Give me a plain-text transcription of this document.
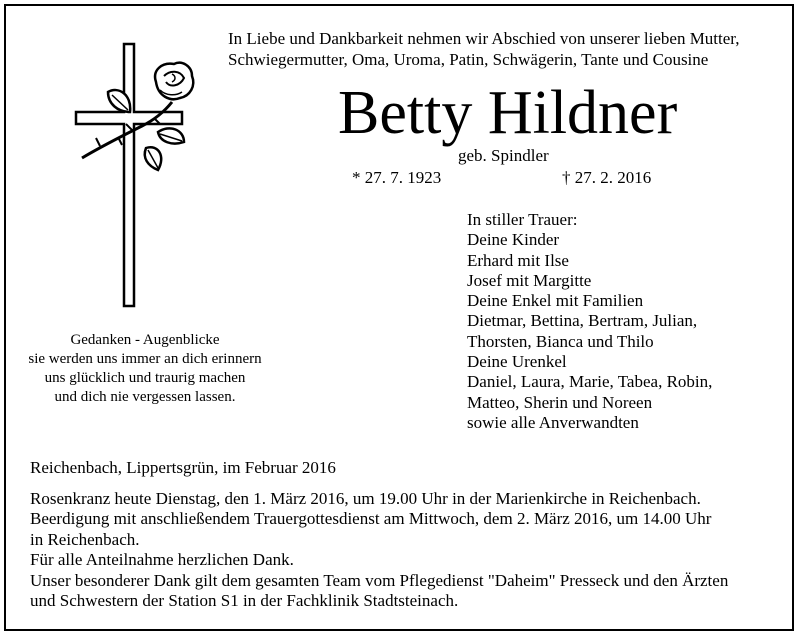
In Liebe und Dankbarkeit nehmen wir Abschied von unserer lieben Mutter,
Schwiegermutter, Oma, Uroma, Patin, Schwägerin, Tante und Cousine
Betty Hildner
geb. Spindler
* 27. 7. 1923	† 27. 2. 2016
In stiller Trauer:
Deine Kinder
Erhard mit Ilse
Josef mit Margitte
Deine Enkel mit Familien
Dietmar, Bettina, Bertram, Julian,
Thorsten, Bianca und Thilo
Deine Urenkel
Daniel, Laura, Marie, Tabea, Robin,
Matteo, Sherin und Noreen
sowie alle Anverwandten
Gedanken - Augenblicke
sie werden uns immer an dich erinnern
uns glücklich und traurig machen
und dich nie vergessen lassen.
Reichenbach, Lippertsgrün, im Februar 2016
Rosenkranz heute Dienstag, den 1. März 2016, um 19.00 Uhr in der Marienkirche in Reichenbach.
Beerdigung mit anschließendem Trauergottesdienst am Mittwoch, dem 2. März 2016, um 14.00 Uhr
in Reichenbach.
Für alle Anteilnahme herzlichen Dank.
Unser besonderer Dank gilt dem gesamten Team vom Pflegedienst "Daheim" Presseck und den Ärzten
und Schwestern der Station S1 in der Fachklinik Stadtsteinach.
